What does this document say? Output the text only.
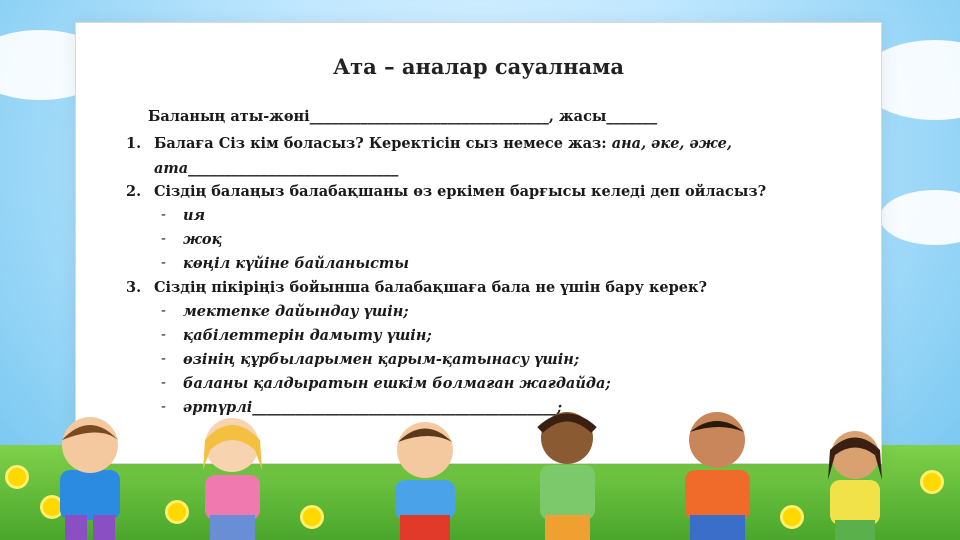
Ата – аналар сауалнама
Баланың аты-жөні_________________________________, жасы_______
1. Балаға Сіз кім боласыз? Керектісін сыз немесе жаз: ана, әке, әже,
ата_____________________________
2. Сіздің балаңыз балабақшаны өз еркімен барғысы келеді деп ойласыз?
- ия
- жоқ
- көңіл күйіне байланысты
3. Сіздің пікіріңіз бойынша балабақшаға бала не үшін бару керек?
- мектепке дайындау үшін;
- қабілеттерін дамыту үшін;
- өзінің құрбыларымен қарым-қатынасу үшін;
- баланы қалдыратын ешкім болмаған жағдайда;
- әртүрлі__________________________________________;
